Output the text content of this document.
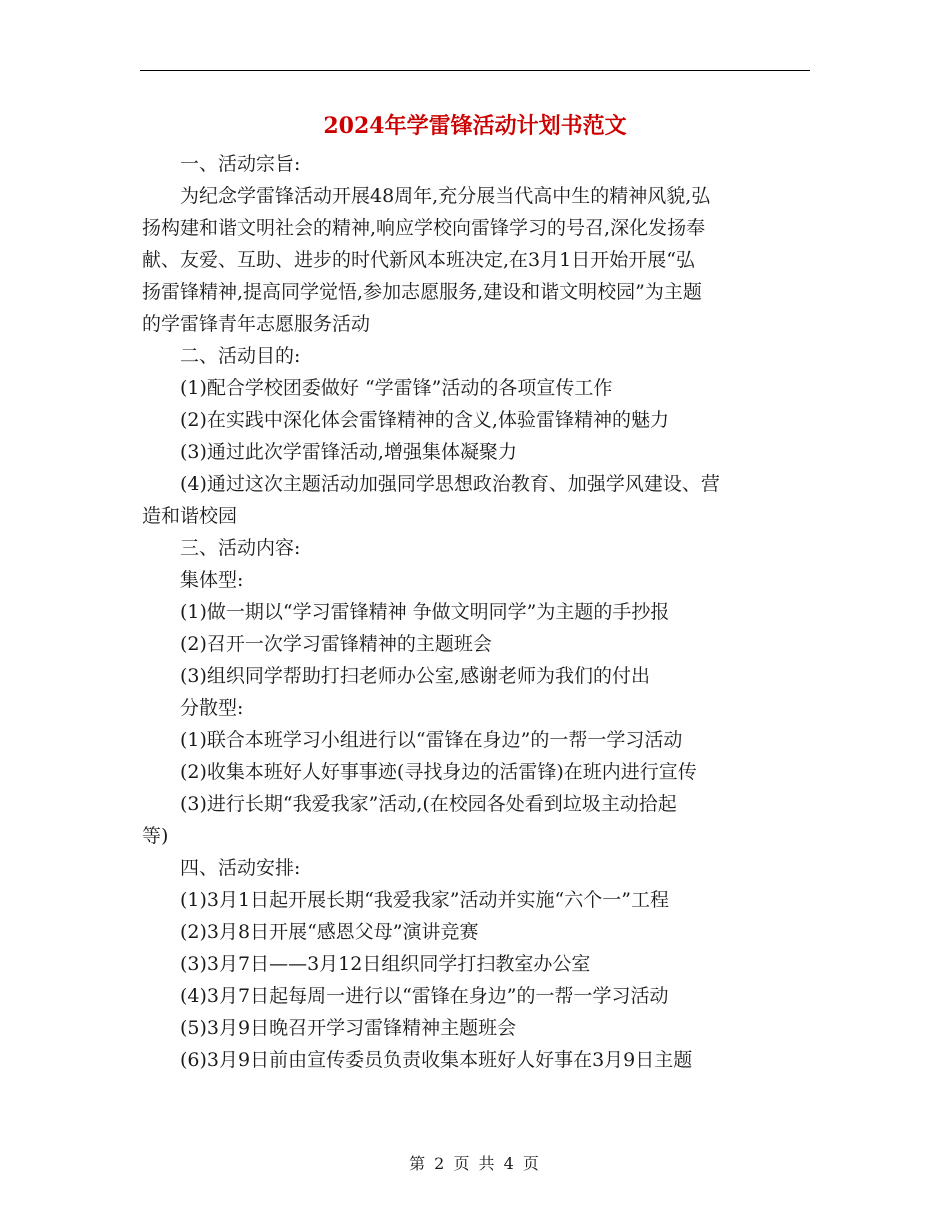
2024年学雷锋活动计划书范文
一、活动宗旨:
为纪念学雷锋活动开展48周年,充分展当代高中生的精神风貌,弘
扬构建和谐文明社会的精神,响应学校向雷锋学习的号召,深化发扬奉
献、友爱、互助、进步的时代新风本班决定,在3月1日开始开展“弘
扬雷锋精神,提高同学觉悟,参加志愿服务,建设和谐文明校园”为主题
的学雷锋青年志愿服务活动
二、活动目的:
(1)配合学校团委做好 “学雷锋”活动的各项宣传工作
(2)在实践中深化体会雷锋精神的含义,体验雷锋精神的魅力
(3)通过此次学雷锋活动,增强集体凝聚力
(4)通过这次主题活动加强同学思想政治教育、加强学风建设、营
造和谐校园
三、活动内容:
集体型:
(1)做一期以“学习雷锋精神 争做文明同学”为主题的手抄报
(2)召开一次学习雷锋精神的主题班会
(3)组织同学帮助打扫老师办公室,感谢老师为我们的付出
分散型:
(1)联合本班学习小组进行以“雷锋在身边”的一帮一学习活动
(2)收集本班好人好事事迹(寻找身边的活雷锋)在班内进行宣传
(3)进行长期“我爱我家”活动,(在校园各处看到垃圾主动拾起
等)
四、活动安排:
(1)3月1日起开展长期“我爱我家”活动并实施“六个一”工程
(2)3月8日开展“感恩父母”演讲竞赛
(3)3月7日——3月12日组织同学打扫教室办公室
(4)3月7日起每周一进行以“雷锋在身边”的一帮一学习活动
(5)3月9日晚召开学习雷锋精神主题班会
(6)3月9日前由宣传委员负责收集本班好人好事在3月9日主题
第 2 页 共 4 页
